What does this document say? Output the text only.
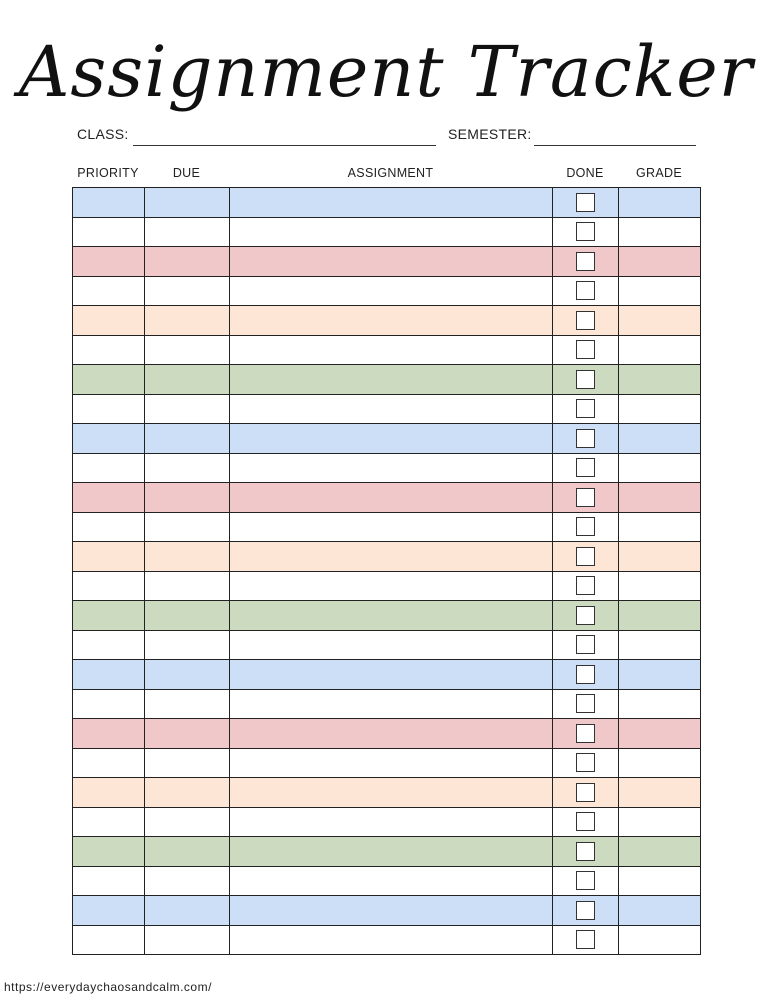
Assignment Tracker
CLASS:	SEMESTER:
PRIORITY	DUE	ASSIGNMENT	DONE	GRADE

https://everydaychaosandcalm.com/
